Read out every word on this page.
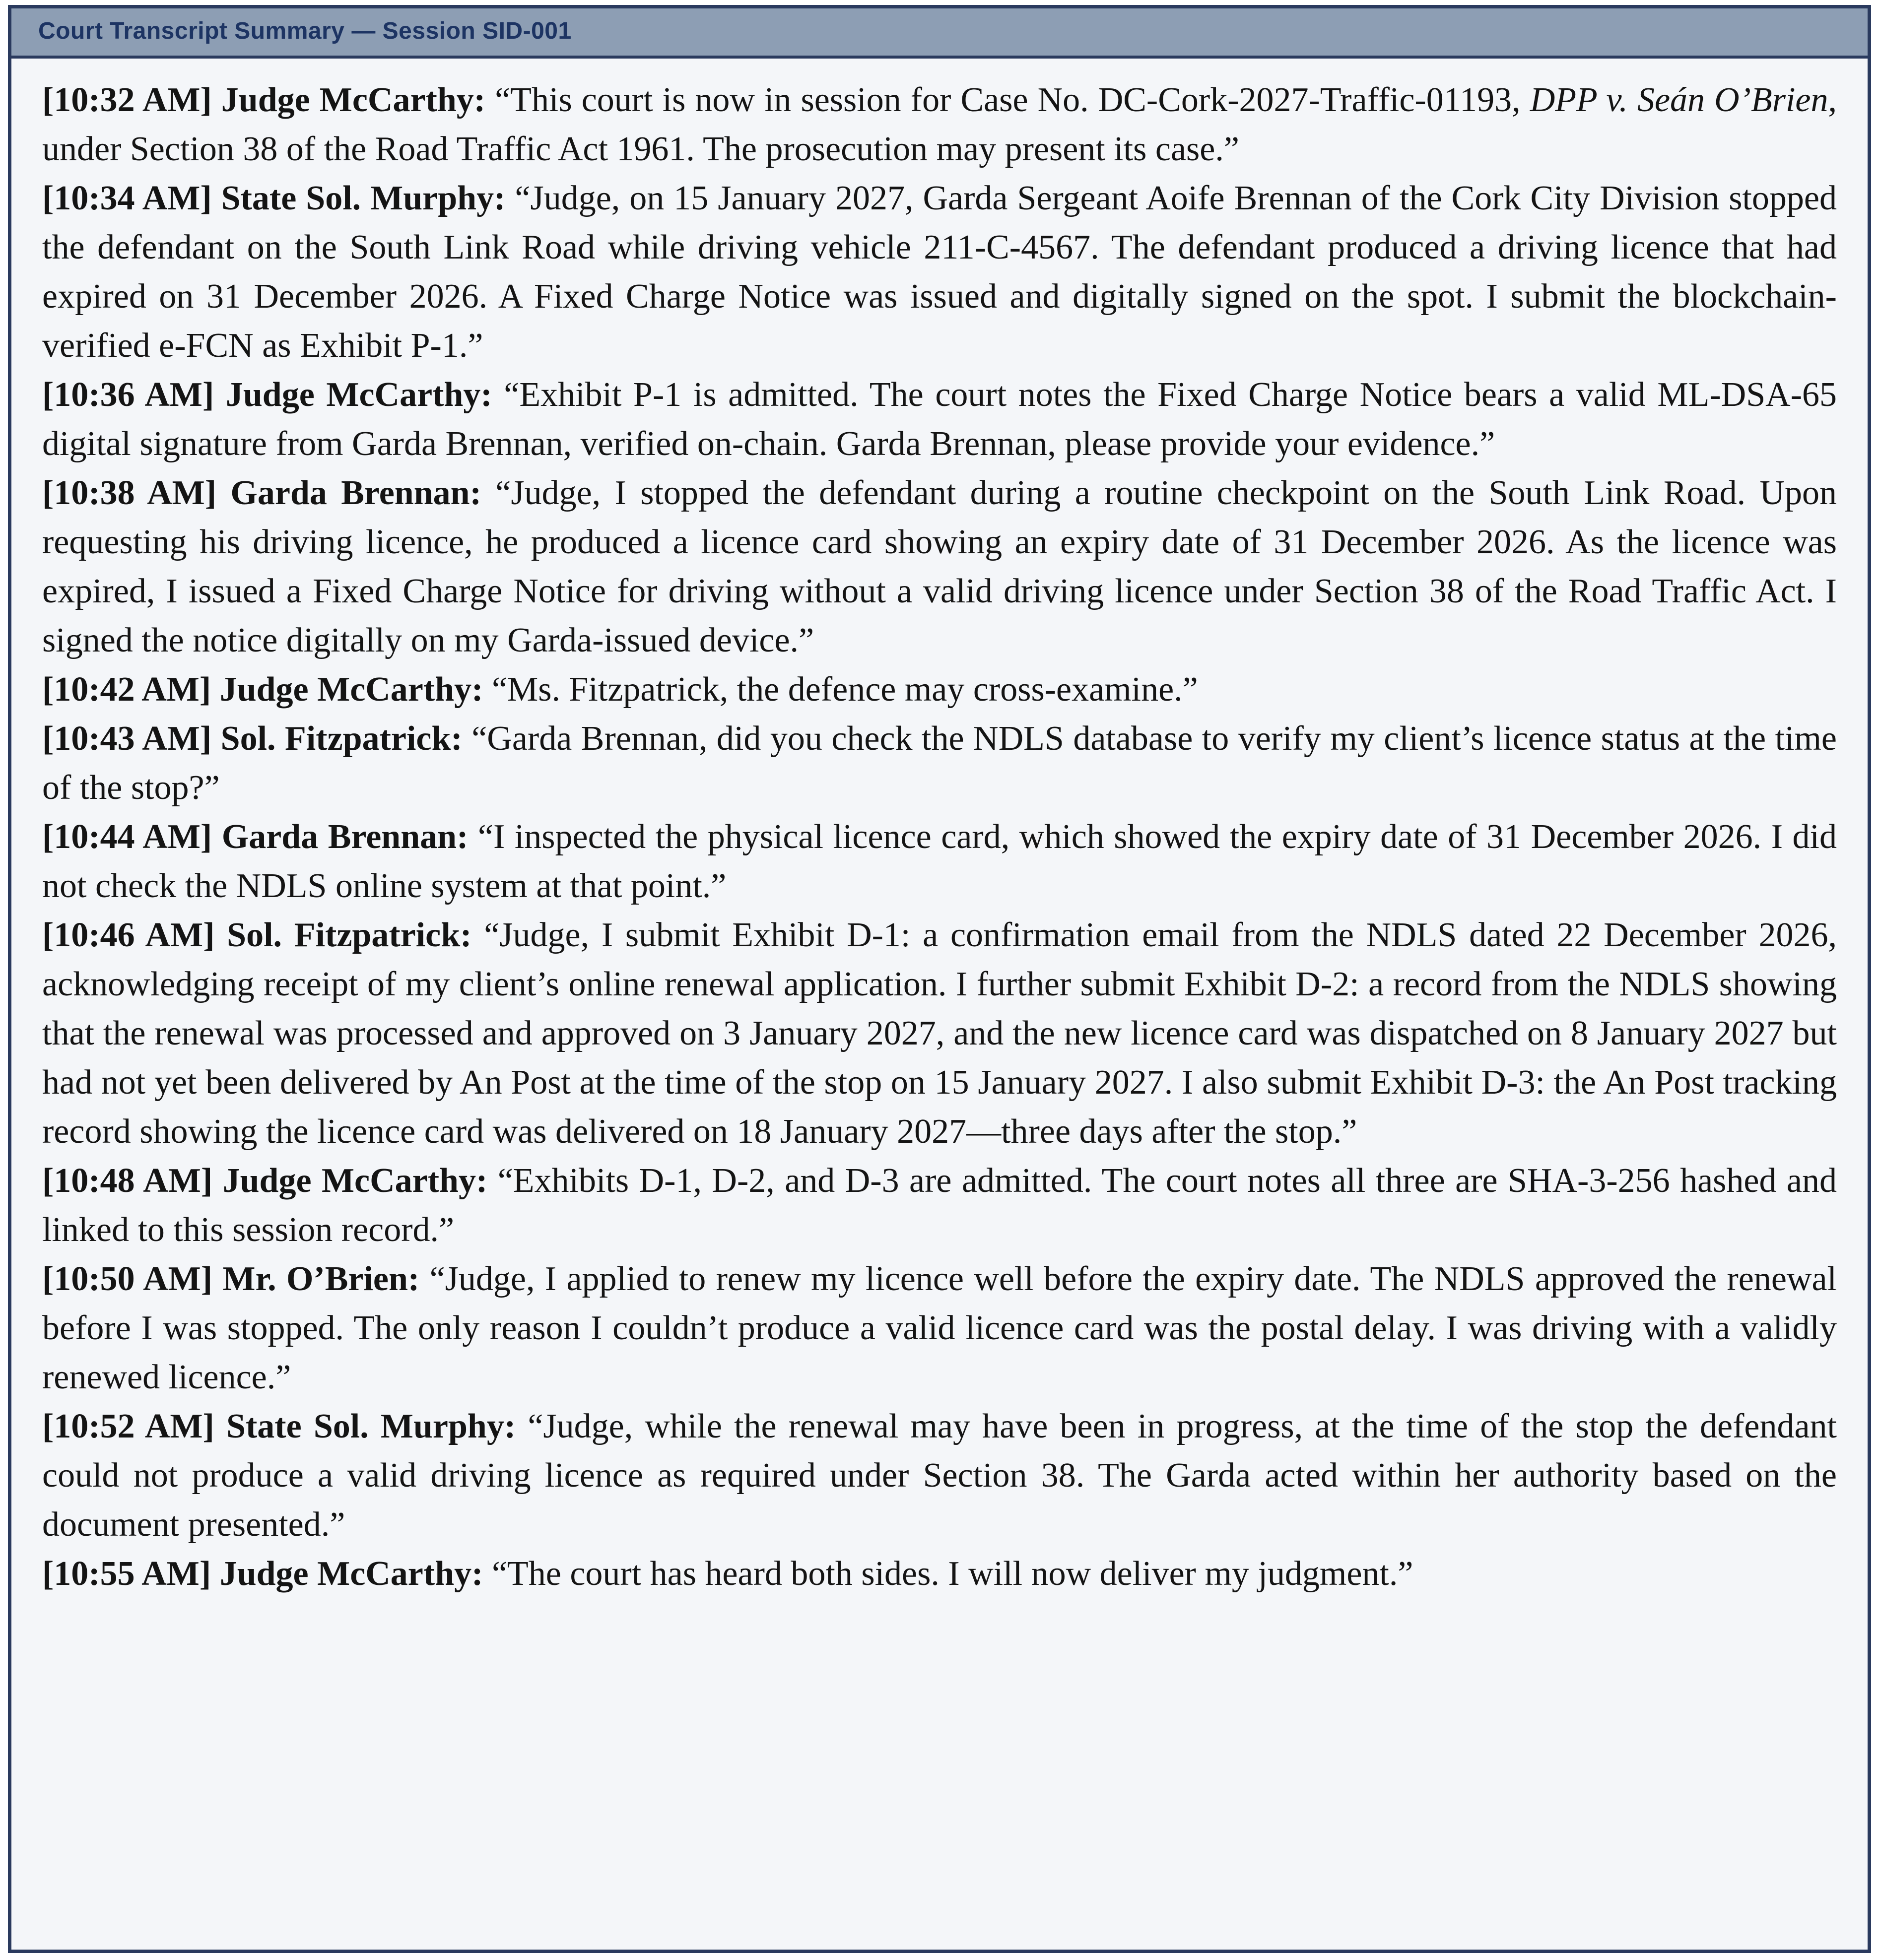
Court Transcript Summary — Session SID-001

[10:32 AM] Judge McCarthy: “This court is now in session for Case No. DC-Cork-2027-Traffic-01193, DPP v. Seán O’Brien, under Section 38 of the Road Traffic Act 1961. The prosecution may present its case.”

[10:34 AM] State Sol. Murphy: “Judge, on 15 January 2027, Garda Sergeant Aoife Brennan of the Cork City Division stopped the defendant on the South Link Road while driving vehicle 211-C-4567. The defendant produced a driving licence that had expired on 31 December 2026. A Fixed Charge Notice was issued and digitally signed on the spot. I submit the blockchain-verified e-FCN as Exhibit P-1.”

[10:36 AM] Judge McCarthy: “Exhibit P-1 is admitted. The court notes the Fixed Charge Notice bears a valid ML-DSA-65 digital signature from Garda Brennan, verified on-chain. Garda Brennan, please provide your evidence.”

[10:38 AM] Garda Brennan: “Judge, I stopped the defendant during a routine checkpoint on the South Link Road. Upon requesting his driving licence, he produced a licence card showing an expiry date of 31 December 2026. As the licence was expired, I issued a Fixed Charge Notice for driving without a valid driving licence under Section 38 of the Road Traffic Act. I signed the notice digitally on my Garda-issued device.”

[10:42 AM] Judge McCarthy: “Ms. Fitzpatrick, the defence may cross-examine.”

[10:43 AM] Sol. Fitzpatrick: “Garda Brennan, did you check the NDLS database to verify my client’s licence status at the time of the stop?”

[10:44 AM] Garda Brennan: “I inspected the physical licence card, which showed the expiry date of 31 December 2026. I did not check the NDLS online system at that point.”

[10:46 AM] Sol. Fitzpatrick: “Judge, I submit Exhibit D-1: a confirmation email from the NDLS dated 22 December 2026, acknowledging receipt of my client’s online renewal application. I further submit Exhibit D-2: a record from the NDLS showing that the renewal was processed and approved on 3 January 2027, and the new licence card was dispatched on 8 January 2027 but had not yet been delivered by An Post at the time of the stop on 15 January 2027. I also submit Exhibit D-3: the An Post tracking record showing the licence card was delivered on 18 January 2027—three days after the stop.”

[10:48 AM] Judge McCarthy: “Exhibits D-1, D-2, and D-3 are admitted. The court notes all three are SHA-3-256 hashed and linked to this session record.”

[10:50 AM] Mr. O’Brien: “Judge, I applied to renew my licence well before the expiry date. The NDLS approved the renewal before I was stopped. The only reason I couldn’t produce a valid licence card was the postal delay. I was driving with a validly renewed licence.”

[10:52 AM] State Sol. Murphy: “Judge, while the renewal may have been in progress, at the time of the stop the defendant could not produce a valid driving licence as required under Section 38. The Garda acted within her authority based on the document presented.”

[10:55 AM] Judge McCarthy: “The court has heard both sides. I will now deliver my judgment.”
